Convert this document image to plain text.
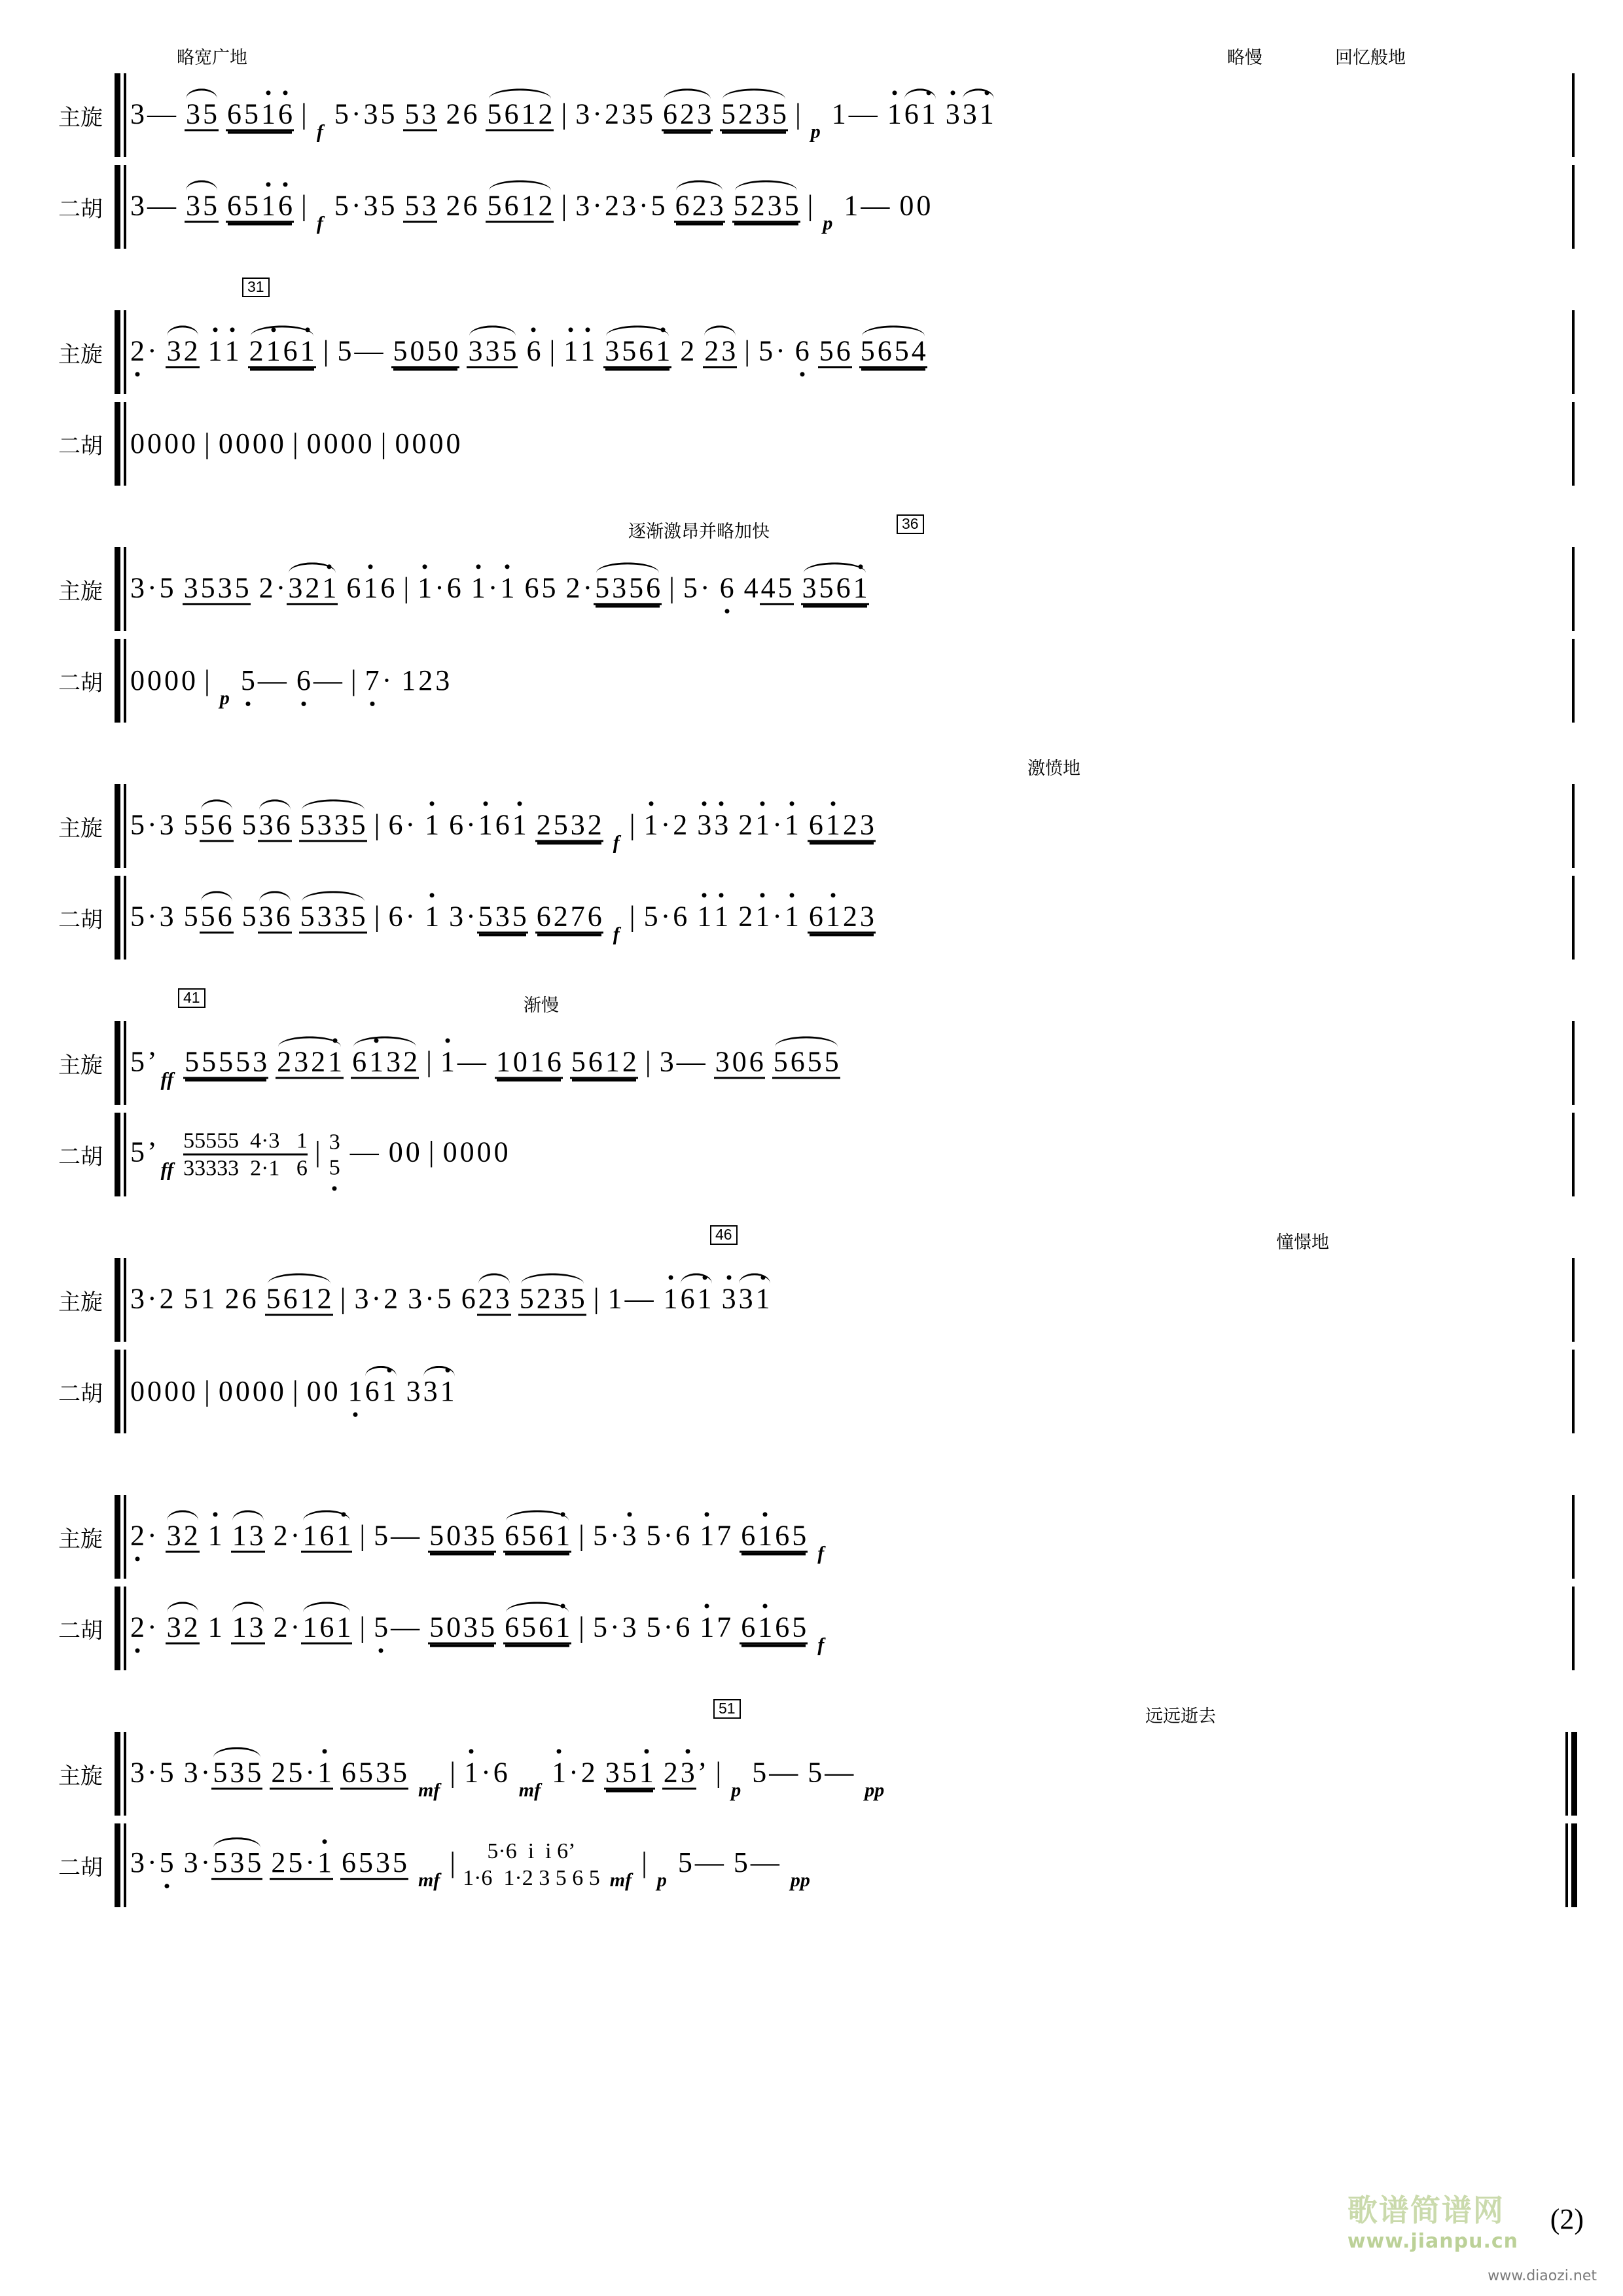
略宽广地	略慢	回忆般地
主旋 3— 35 6516 | $_f$ 5·35 53 26 5612 | 3·235 623 5235 | $_p$ 1— 161 331
二胡 3— 35 6516 | $_f$ 5·35 53 26 5612 | 3·23·5 623 5235 | $_p$ 1— 00
31
主旋 2· 32 11 2161 | 5— 5050 335 6 | 11 3561 2 23 | 5· 6 56 5654
二胡 0000 | 0000 | 0000 | 0000
逐渐激昂并略加快	36
主旋 3·5 3535 2·321 616 | 1·6 1·1 65 2·5356 | 5· 6 445 3561
二胡 0000 | $_p$ 5— 6— | 7· 123
激愤地
主旋 5·3 556 536 5335 | 6· 1 6·161 2532 $_f$ | 1·2 33 21·1 6123
二胡 5·3 556 536 5335 | 6· 1 3·535 6276 $_f$ | 5·6 11 21·1 6123
41	渐慢
主旋 $5’_{ff}$ 55553 2321 6132 | 1— 1016 5612 | 3— 306 5655
二胡 $5’_{ff} \frac{55555 4\cdot 3 1}{33333 2\cdot 1 6}$ | 3
5 — 00 | 0000
46	憧憬地
主旋 3·2 51 26 5612 | 3·2 3·5 623 5235 | 1— 161 331
二胡 0000 | 0000 | 00 161 331
主旋 2· 32 1 13 2·161 | 5— 5035 6561 | 5·3 5·6 17 6165 $_f$
二胡 2· 32 1 13 2·161 | 5— 5035 6561 | 5·3 5·6 17 6165 $_f$
51	远远逝去
主旋 3·5 3·535 25·1 6535 $_{mf}$ | 1·6 $_{mf}$ 1·2 351 23’ | $_p$ 5— 5— $_{pp}$
二胡 3·5 3·535 25·1 6535 $_{mf}$ |	5·6  i  i 6’
1·6  1·2 3 5 6 5 $_{mf}$ | $_p$ 5— 5— $_{pp}$
歌谱简谱网
www.jianpu.cn
(2)
www.diaozi.net
